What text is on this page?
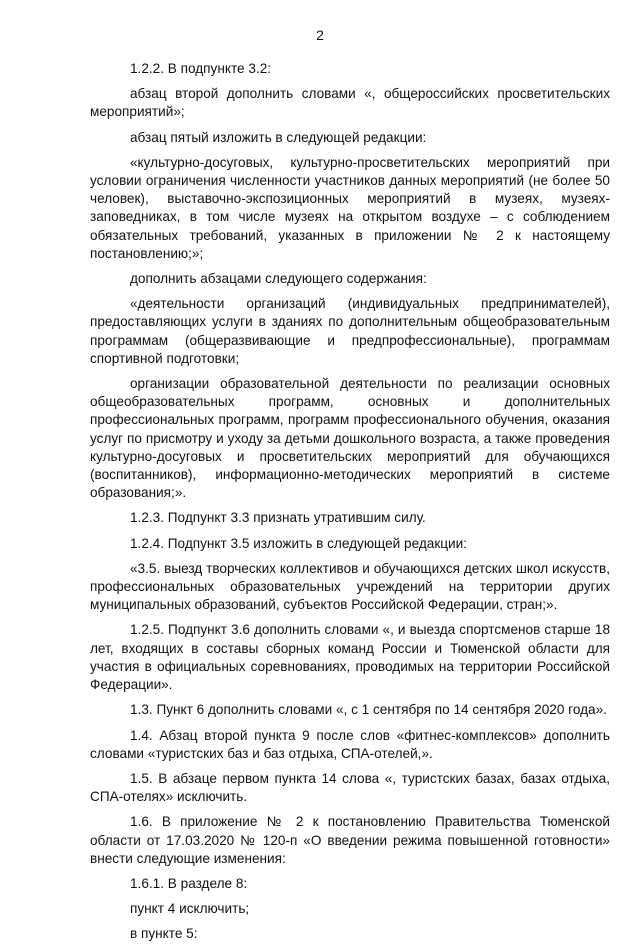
2

1.2.2. В подпункте 3.2:

абзац второй дополнить словами «, общероссийских просветительских мероприятий»;

абзац пятый изложить в следующей редакции:

«культурно-досуговых, культурно-просветительских мероприятий при условии ограничения численности участников данных мероприятий (не более 50 человек), выставочно-экспозиционных мероприятий в музеях, музеях-заповедниках, в том числе музеях на открытом воздухе – с соблюдением обязательных требований, указанных в приложении № 2 к настоящему постановлению;»;

дополнить абзацами следующего содержания:

«деятельности организаций (индивидуальных предпринимателей), предоставляющих услуги в зданиях по дополнительным общеобразовательным программам (общеразвивающие и предпрофессиональные), программам спортивной подготовки;

организации образовательной деятельности по реализации основных общеобразовательных программ, основных и дополнительных профессиональных программ, программ профессионального обучения, оказания услуг по присмотру и уходу за детьми дошкольного возраста, а также проведения культурно-досуговых и просветительских мероприятий для обучающихся (воспитанников), информационно-методических мероприятий в системе образования;».

1.2.3. Подпункт 3.3 признать утратившим силу.

1.2.4. Подпункт 3.5 изложить в следующей редакции:

«3.5. выезд творческих коллективов и обучающихся детских школ искусств, профессиональных образовательных учреждений на территории других муниципальных образований, субъектов Российской Федерации, стран;».

1.2.5. Подпункт 3.6 дополнить словами «, и выезда спортсменов старше 18 лет, входящих в составы сборных команд России и Тюменской области для участия в официальных соревнованиях, проводимых на территории Российской Федерации».

1.3. Пункт 6 дополнить словами «, с 1 сентября по 14 сентября 2020 года».

1.4. Абзац второй пункта 9 после слов «фитнес-комплексов» дополнить словами «туристских баз и баз отдыха, СПА-отелей,».

1.5. В абзаце первом пункта 14 слова «, туристских базах, базах отдыха, СПА-отелях» исключить.

1.6. В приложение № 2 к постановлению Правительства Тюменской области от 17.03.2020 № 120-п «О введении режима повышенной готовности» внести следующие изменения:

1.6.1. В разделе 8:

пункт 4 исключить;

в пункте 5:
